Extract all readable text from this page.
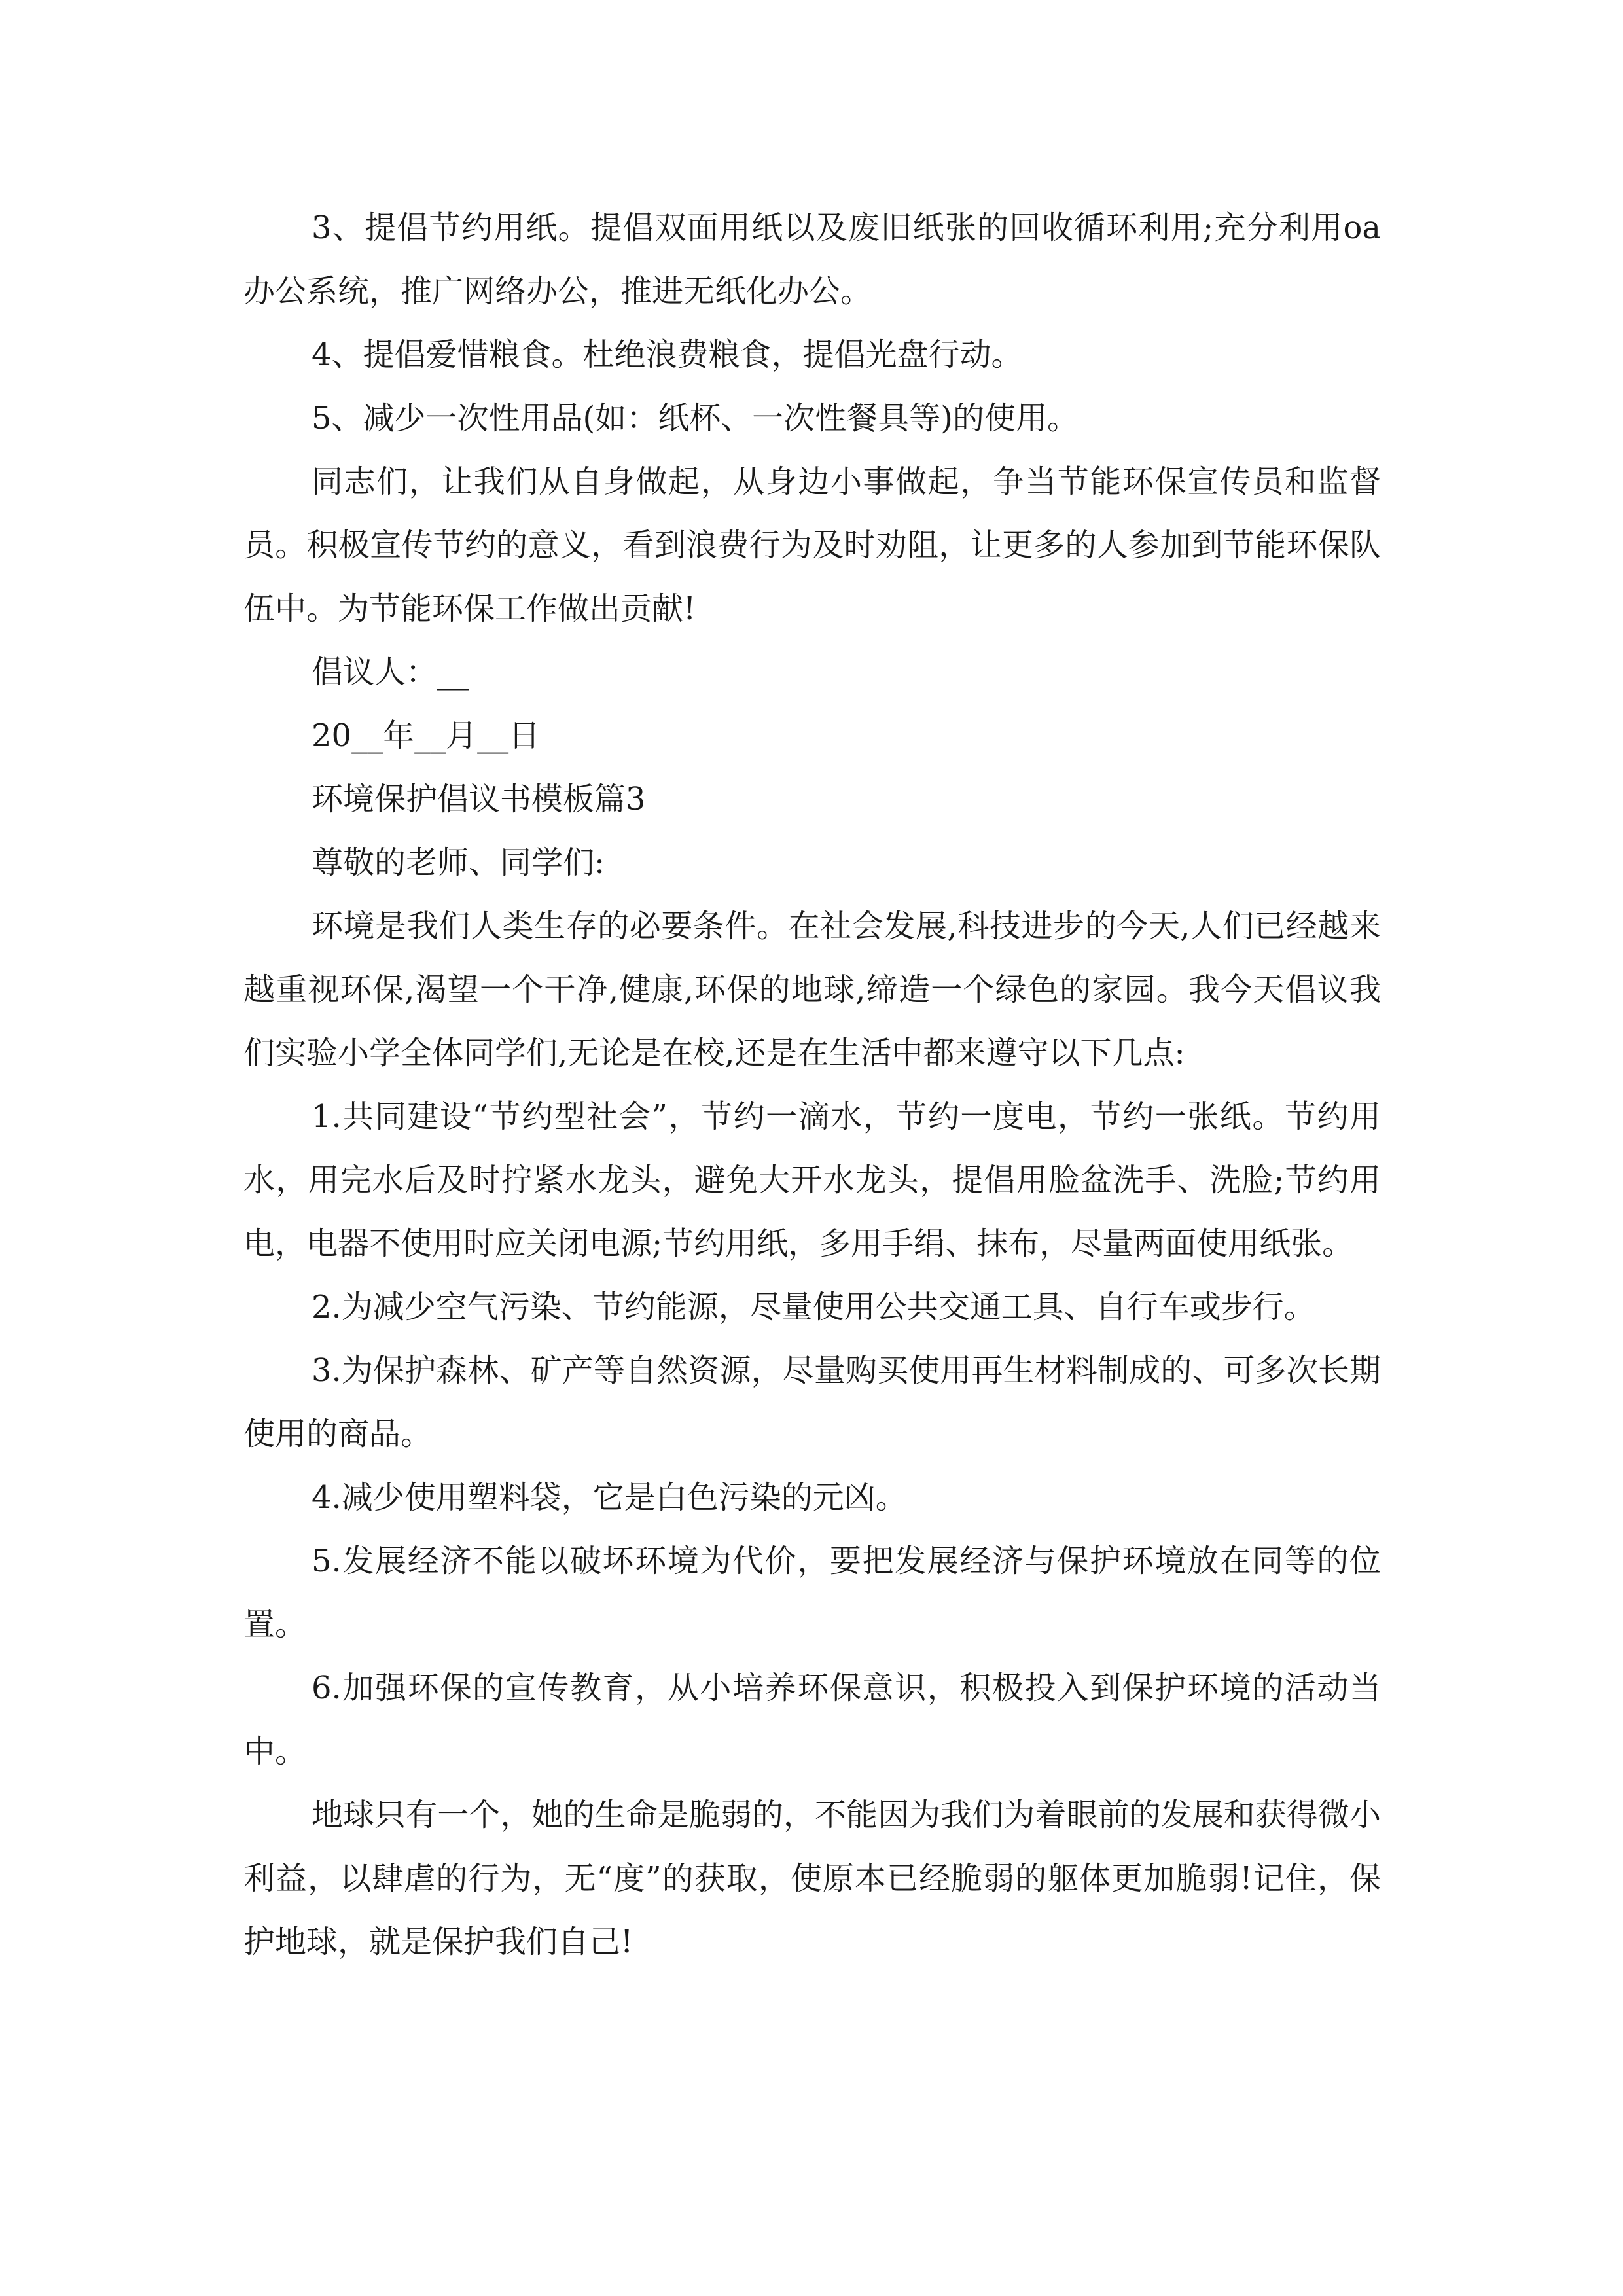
3、提倡节约用纸。提倡双面用纸以及废旧纸张的回收循环利用;充分利用oa办公系统，推广网络办公，推进无纸化办公。

4、提倡爱惜粮食。杜绝浪费粮食，提倡光盘行动。

5、减少一次性用品(如：纸杯、一次性餐具等)的使用。

同志们，让我们从自身做起，从身边小事做起，争当节能环保宣传员和监督员。积极宣传节约的意义，看到浪费行为及时劝阻，让更多的人参加到节能环保队伍中。为节能环保工作做出贡献!

倡议人：__

20__年__月__日

环境保护倡议书模板篇3

尊敬的老师、同学们:

环境是我们人类生存的必要条件。在社会发展,科技进步的今天,人们已经越来越重视环保,渴望一个干净,健康,环保的地球,缔造一个绿色的家园。我今天倡议我们实验小学全体同学们,无论是在校,还是在生活中都来遵守以下几点:

1.共同建设“节约型社会”，节约一滴水，节约一度电，节约一张纸。节约用水，用完水后及时拧紧水龙头，避免大开水龙头，提倡用脸盆洗手、洗脸;节约用电，电器不使用时应关闭电源;节约用纸，多用手绢、抹布，尽量两面使用纸张。

2.为减少空气污染、节约能源，尽量使用公共交通工具、自行车或步行。

3.为保护森林、矿产等自然资源，尽量购买使用再生材料制成的、可多次长期使用的商品。

4.减少使用塑料袋，它是白色污染的元凶。

5.发展经济不能以破坏环境为代价，要把发展经济与保护环境放在同等的位置。

6.加强环保的宣传教育，从小培养环保意识，积极投入到保护环境的活动当中。

地球只有一个，她的生命是脆弱的，不能因为我们为着眼前的发展和获得微小利益，以肆虐的行为，无“度”的获取，使原本已经脆弱的躯体更加脆弱!记住，保护地球，就是保护我们自己!
